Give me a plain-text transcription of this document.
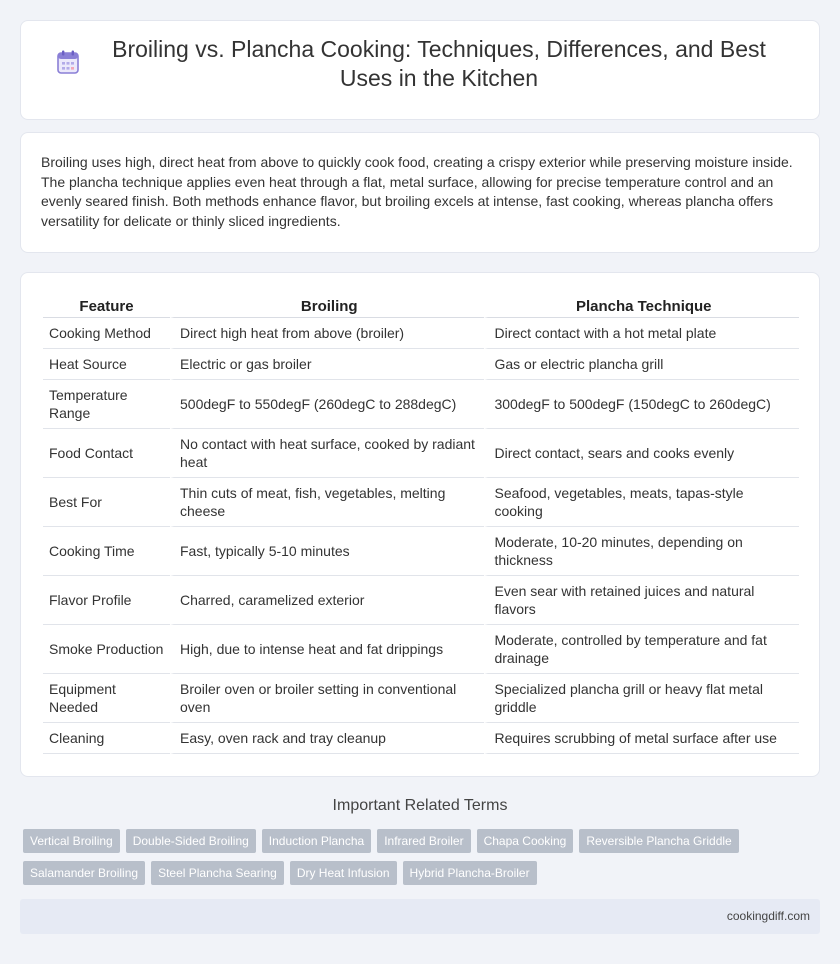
Broiling vs. Plancha Cooking: Techniques, Differences, and Best Uses in the Kitchen

Broiling uses high, direct heat from above to quickly cook food, creating a crispy exterior while preserving moisture inside. The plancha technique applies even heat through a flat, metal surface, allowing for precise temperature control and an evenly seared finish. Both methods enhance flavor, but broiling excels at intense, fast cooking, whereas plancha offers versatility for delicate or thinly sliced ingredients.

Feature	Broiling	Plancha Technique
Cooking Method	Direct high heat from above (broiler)	Direct contact with a hot metal plate
Heat Source	Electric or gas broiler	Gas or electric plancha grill
Temperature Range	500degF to 550degF (260degC to 288degC)	300degF to 500degF (150degC to 260degC)
Food Contact	No contact with heat surface, cooked by radiant heat	Direct contact, sears and cooks evenly
Best For	Thin cuts of meat, fish, vegetables, melting cheese	Seafood, vegetables, meats, tapas-style cooking
Cooking Time	Fast, typically 5-10 minutes	Moderate, 10-20 minutes, depending on thickness
Flavor Profile	Charred, caramelized exterior	Even sear with retained juices and natural flavors
Smoke Production	High, due to intense heat and fat drippings	Moderate, controlled by temperature and fat drainage
Equipment Needed	Broiler oven or broiler setting in conventional oven	Specialized plancha grill or heavy flat metal griddle
Cleaning	Easy, oven rack and tray cleanup	Requires scrubbing of metal surface after use
Important Related Terms
Vertical Broiling	Double-Sided Broiling	Induction Plancha	Infrared Broiler	Chapa Cooking	Reversible Plancha Griddle
Salamander Broiling	Steel Plancha Searing	Dry Heat Infusion	Hybrid Plancha-Broiler
cookingdiff.com
